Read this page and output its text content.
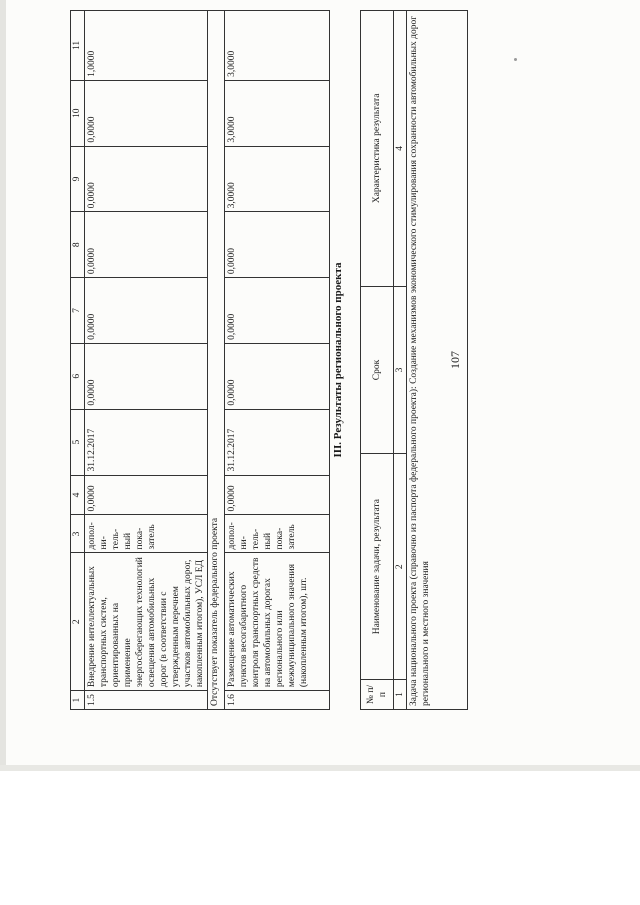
107
1	2	3	4	5	6	7	8	9	10	11
1.5	Внедрение интеллектуальных транспортных систем, ориентированных на применение энергосберегающих технологий освещения автомобильных дорог (в соответствии с утвержденным перечнем участков автомобильных дорог, накопленным итогом), УСЛ ЕД	допол-ни-тель-ный пока-затель	0,0000	31.12.2017	0,0000	0,0000	0,0000	0,0000	0,0000	1,0000
Отсутствует показатель федерального проекта										
1.6	Размещение автоматических пунктов весогабаритного контроля транспортных средств на автомобильных дорогах регионального или межмуниципального значения (накопленным итогом), шт.	допол-ни-тель-ный пока-затель	0,0000	31.12.2017	0,0000	0,0000	0,0000	3,0000	3,0000	3,0000
III. Результаты регионального проекта
№ п/п	Наименование задачи, результата	Срок	Характеристика результата
1	2	3	4
Задача национального проекта (справочно из паспорта федерального проекта): Создание механизмов экономического стимулирования сохранности автомобильных дорог регионального и местного значения			
